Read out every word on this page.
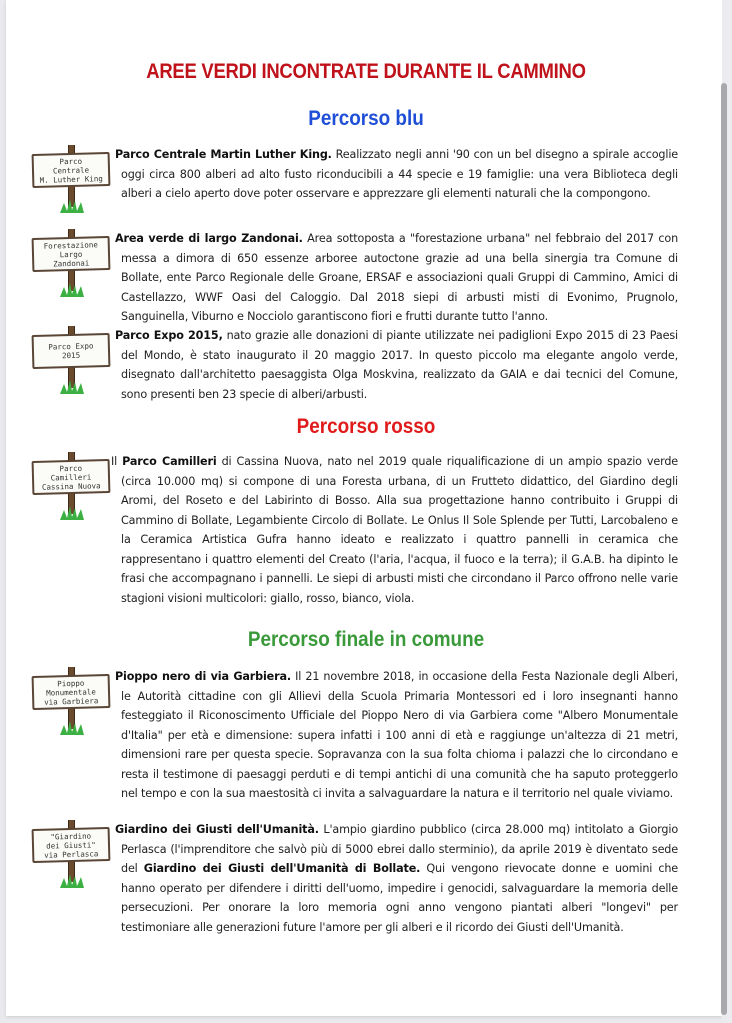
AREE VERDI INCONTRATE DURANTE IL CAMMINO
Percorso blu
Parco
Centrale
M. Luther King

Parco Centrale Martin Luther King. Realizzato negli anni '90 con un bel disegno a spirale accoglie oggi circa 800 alberi ad alto fusto riconducibili a 44 specie e 19 famiglie: una vera Biblioteca degli alberi a cielo aperto dove poter osservare e apprezzare gli elementi naturali che la compongono.

Forestazione
Largo
Zandonai

Area verde di largo Zandonai. Area sottoposta a "forestazione urbana" nel febbraio del 2017 con messa a dimora di 650 essenze arboree autoctone grazie ad una bella sinergia tra Comune di Bollate, ente Parco Regionale delle Groane, ERSAF e associazioni quali Gruppi di Cammino, Amici di Castellazzo, WWF Oasi del Caloggio. Dal 2018 siepi di arbusti misti di Evonimo, Prugnolo, Sanguinella, Viburno e Nocciolo garantiscono fiori e frutti durante tutto l'anno.

Parco Expo
2015

Parco Expo 2015, nato grazie alle donazioni di piante utilizzate nei padiglioni Expo 2015 di 23 Paesi del Mondo, è stato inaugurato il 20 maggio 2017. In questo piccolo ma elegante angolo verde, disegnato dall'architetto paesaggista Olga Moskvina, realizzato da GAIA e dai tecnici del Comune, sono presenti ben 23 specie di alberi/arbusti.

Percorso rosso
Parco
Camilleri
Cassina Nuova

Il Parco Camilleri di Cassina Nuova, nato nel 2019 quale riqualificazione di un ampio spazio verde (circa 10.000 mq) si compone di una Foresta urbana, di un Frutteto didattico, del Giardino degli Aromi, del Roseto e del Labirinto di Bosso. Alla sua progettazione hanno contribuito i Gruppi di Cammino di Bollate, Legambiente Circolo di Bollate. Le Onlus Il Sole Splende per Tutti, Larcobaleno e la Ceramica Artistica Gufra hanno ideato e realizzato i quattro pannelli in ceramica che rappresentano i quattro elementi del Creato (l'aria, l'acqua, il fuoco e la terra); il G.A.B. ha dipinto le frasi che accompagnano i pannelli. Le siepi di arbusti misti che circondano il Parco offrono nelle varie stagioni visioni multicolori: giallo, rosso, bianco, viola.

Percorso finale in comune
Pioppo
Monumentale
via Garbiera

Pioppo nero di via Garbiera. Il 21 novembre 2018, in occasione della Festa Nazionale degli Alberi, le Autorità cittadine con gli Allievi della Scuola Primaria Montessori ed i loro insegnanti hanno festeggiato il Riconoscimento Ufficiale del Pioppo Nero di via Garbiera come "Albero Monumentale d'Italia" per età e dimensione: supera infatti i 100 anni di età e raggiunge un'altezza di 21 metri, dimensioni rare per questa specie. Sopravanza con la sua folta chioma i palazzi che lo circondano e resta il testimone di paesaggi perduti e di tempi antichi di una comunità che ha saputo proteggerlo nel tempo e con la sua maestosità ci invita a salvaguardare la natura e il territorio nel quale viviamo.

"Giardino
dei Giusti"
via Perlasca

Giardino dei Giusti dell'Umanità. L'ampio giardino pubblico (circa 28.000 mq) intitolato a Giorgio Perlasca (l'imprenditore che salvò più di 5000 ebrei dallo sterminio), da aprile 2019 è diventato sede del Giardino dei Giusti dell'Umanità di Bollate. Qui vengono rievocate donne e uomini che hanno operato per difendere i diritti dell'uomo, impedire i genocidi, salvaguardare la memoria delle persecuzioni. Per onorare la loro memoria ogni anno vengono piantati alberi "longevi" per testimoniare alle generazioni future l'amore per gli alberi e il ricordo dei Giusti dell'Umanità.
